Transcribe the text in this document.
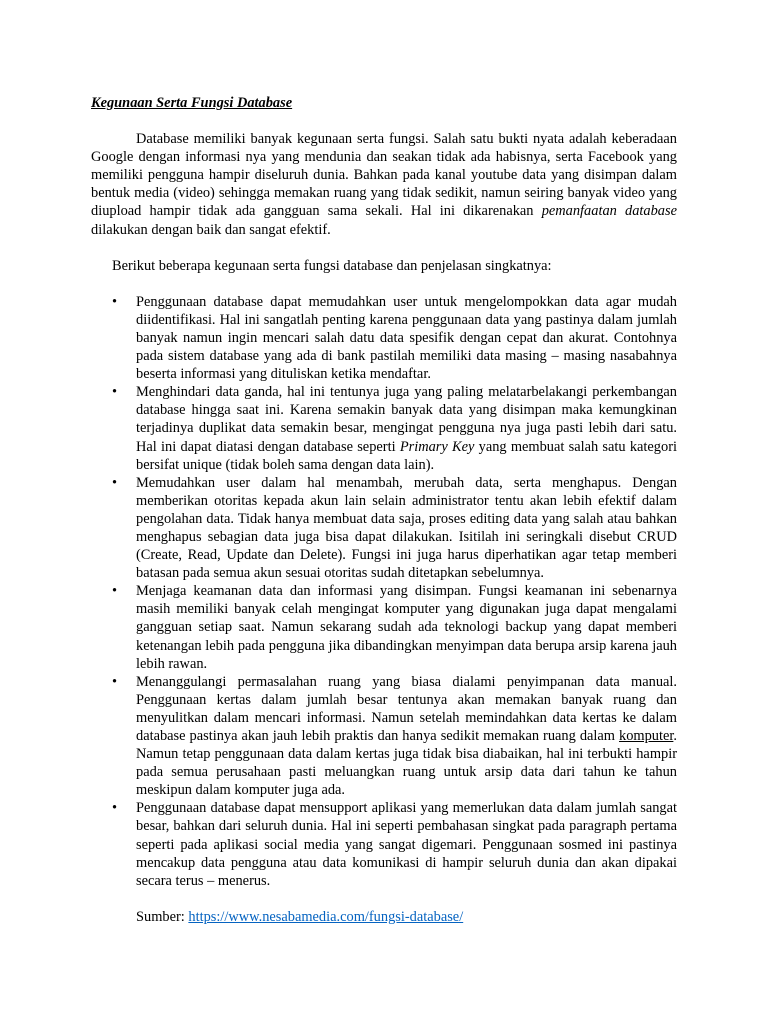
Kegunaan Serta Fungsi Database

Database memiliki banyak kegunaan serta fungsi. Salah satu bukti nyata adalah keberadaan Google dengan informasi nya yang mendunia dan seakan tidak ada habisnya, serta Facebook yang memiliki pengguna hampir diseluruh dunia. Bahkan pada kanal youtube data yang disimpan dalam bentuk media (video) sehingga memakan ruang yang tidak sedikit, namun seiring banyak video yang diupload hampir tidak ada gangguan sama sekali. Hal ini dikarenakan pemanfaatan database dilakukan dengan baik dan sangat efektif.

Berikut beberapa kegunaan serta fungsi database dan penjelasan singkatnya:

• Penggunaan database dapat memudahkan user untuk mengelompokkan data agar mudah diidentifikasi. Hal ini sangatlah penting karena penggunaan data yang pastinya dalam jumlah banyak namun ingin mencari salah datu data spesifik dengan cepat dan akurat. Contohnya pada sistem database yang ada di bank pastilah memiliki data masing – masing nasabahnya beserta informasi yang dituliskan ketika mendaftar.
• Menghindari data ganda, hal ini tentunya juga yang paling melatarbelakangi perkembangan database hingga saat ini. Karena semakin banyak data yang disimpan maka kemungkinan terjadinya duplikat data semakin besar, mengingat pengguna nya juga pasti lebih dari satu. Hal ini dapat diatasi dengan database seperti Primary Key yang membuat salah satu kategori bersifat unique (tidak boleh sama dengan data lain).
• Memudahkan user dalam hal menambah, merubah data, serta menghapus. Dengan memberikan otoritas kepada akun lain selain administrator tentu akan lebih efektif dalam pengolahan data. Tidak hanya membuat data saja, proses editing data yang salah atau bahkan menghapus sebagian data juga bisa dapat dilakukan. Isitilah ini seringkali disebut CRUD (Create, Read, Update dan Delete). Fungsi ini juga harus diperhatikan agar tetap memberi batasan pada semua akun sesuai otoritas sudah ditetapkan sebelumnya.
• Menjaga keamanan data dan informasi yang disimpan. Fungsi keamanan ini sebenarnya masih memiliki banyak celah mengingat komputer yang digunakan juga dapat mengalami gangguan setiap saat. Namun sekarang sudah ada teknologi backup yang dapat memberi ketenangan lebih pada pengguna jika dibandingkan menyimpan data berupa arsip karena jauh lebih rawan.
• Menanggulangi permasalahan ruang yang biasa dialami penyimpanan data manual. Penggunaan kertas dalam jumlah besar tentunya akan memakan banyak ruang dan menyulitkan dalam mencari informasi. Namun setelah memindahkan data kertas ke dalam database pastinya akan jauh lebih praktis dan hanya sedikit memakan ruang dalam komputer. Namun tetap penggunaan data dalam kertas juga tidak bisa diabaikan, hal ini terbukti hampir pada semua perusahaan pasti meluangkan ruang untuk arsip data dari tahun ke tahun meskipun dalam komputer juga ada.
• Penggunaan database dapat mensupport aplikasi yang memerlukan data dalam jumlah sangat besar, bahkan dari seluruh dunia. Hal ini seperti pembahasan singkat pada paragraph pertama seperti pada aplikasi social media yang sangat digemari. Penggunaan sosmed ini pastinya mencakup data pengguna atau data komunikasi di hampir seluruh dunia dan akan dipakai secara terus – menerus.

Sumber: https://www.nesabamedia.com/fungsi-database/
